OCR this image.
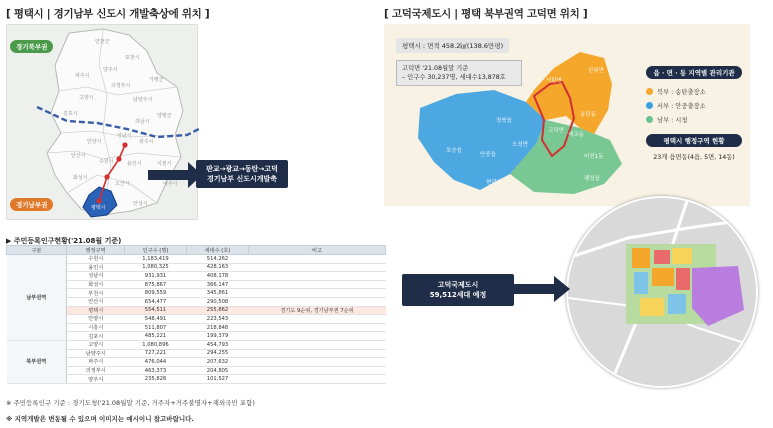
[ 평택시 | 경기남부 신도시 개발축상에 위치 ]
연천군
포천시
가평군
양주시
파주시
의정부시
남양주시
고양시
김포시	양평군
하남시
광주시
성남시
안양시
안산시
용인시	이천시
여주시
수원시
화성시
오산시
안성시
평택시
경기북부권
경기남부권
판교→광교→동탄→고덕
경기남부 신도시개발축
▶ 주민등록인구현황('21.08월 기준)
구분	행정구역	인구수 (명)	세대수 (호)	비고
남부권역	수원시	1,183,419	514,262	
	용인시	1,080,325	428,163	
	성남시	931,931	408,178	
	화성시	875,867	366,147	
	부천시	809,559	345,861	
	안산시	654,477	290,508	
	평택시	554,511	255,862	경기도 9순위, 경기남부권 7순위
	안양시	548,491	223,543	
	시흥시	511,807	218,848	
	김포시	485,221	199,379	
북부권역	고양시	1,080,896	454,793	
	남양주시	727,221	294,255	
	파주시	476,044	207,632	
	의정부시	463,373	204,805	
	양주시	235,828	101,527	
※ 주민등록인구 기준 : 경기도청('21.08월말 기준, 거주자+거주불명자+재외국민 포함)
※ 지역개발은 변동될 수 있으며 이미지는 예시이니 참고바랍니다.
[ 고덕국제도시 | 평택 북부권역 고덕면 위치 ]
청북읍
포승읍
안중읍
오성면
현덕면
팽성읍
비전1동
고덕면
서탄면
진위면
송탄동
세교동
평택시 : 면적 458.2㎢(138.6만평)
고덕면 '21.08월말 기준
– 인구수 30,237명, 세대수13,878호
읍 · 면 · 동 지역별 관리기관
북부 : 송탄출장소
서부 : 안중출장소
남부 : 시청
평택시 행정구역 현황
23개 읍면동(4읍, 5면, 14동)
고덕국제도시
59,512세대 예정
